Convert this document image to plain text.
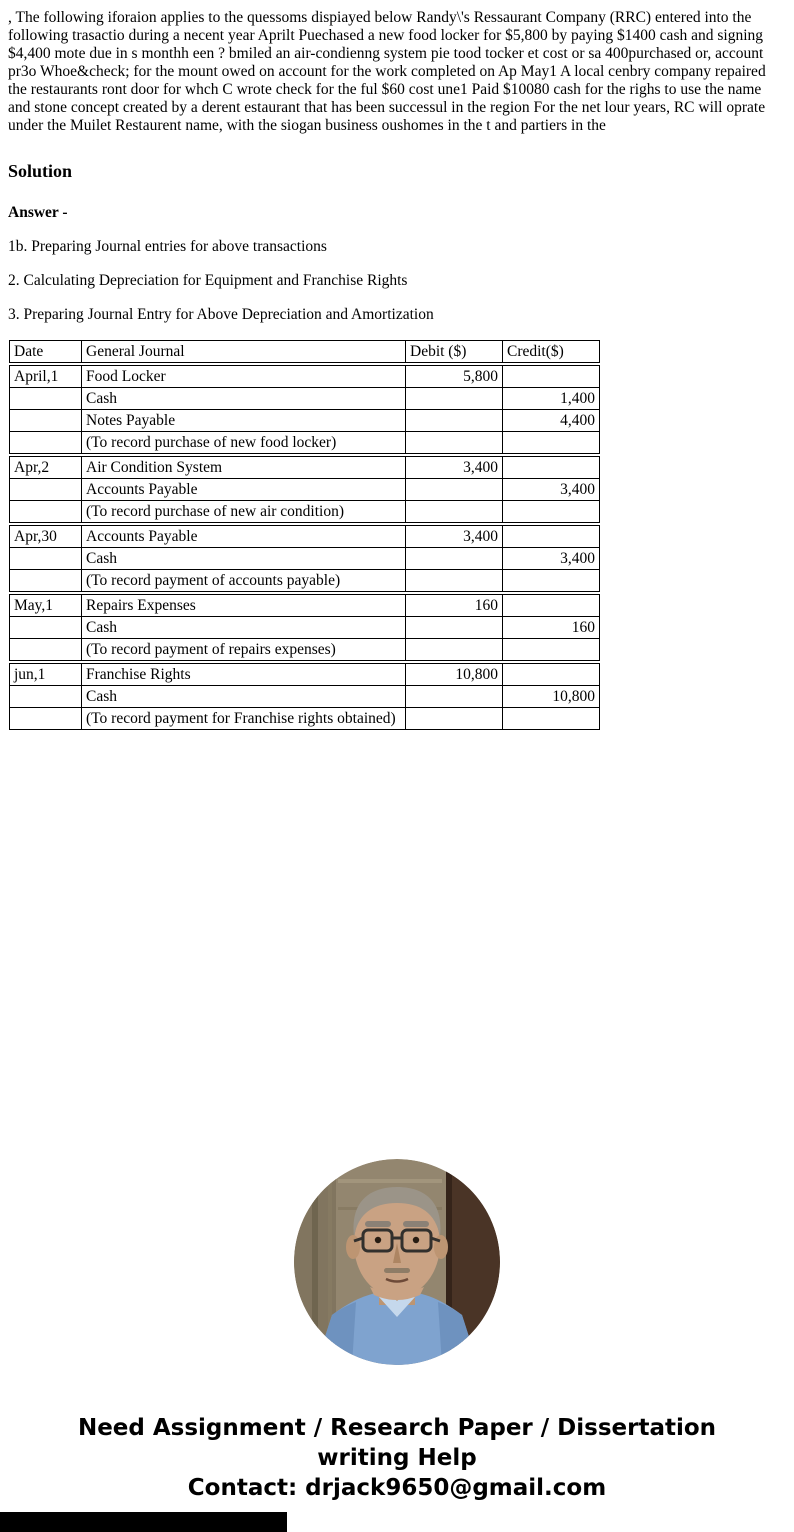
, The following iforaion applies to the quessoms dispiayed below Randy\'s Ressaurant Company (RRC) entered into the following trasactio during a necent year Aprilt Puechased a new food locker for $5,800 by paying $1400 cash and signing $4,400 mote due in s monthh een ? bmiled an air-condienng system pie tood tocker et cost or sa 400purchased or, account pr3o Whoe&check; for the mount owed on account for the work completed on Ap May1 A local cenbry company repaired the restaurants ront door for whch C wrote check for the ful $60 cost une1 Paid $10080 cash for the righs to use the name and stone concept created by a derent estaurant that has been successul in the region For the net lour years, RC will oprate under the Muilet Restaurent name, with the siogan business oushomes in the t and partiers in the

Solution
Answer -

1b. Preparing Journal entries for above transactions

2. Calculating Depreciation for Equipment and Franchise Rights

3. Preparing Journal Entry for Above Depreciation and Amortization

Date	General Journal	Debit ($)	Credit($)
April,1	Food Locker	5,800	
	Cash		1,400
	Notes Payable		4,400
	(To record purchase of new food locker)		
Apr,2	Air Condition System	3,400	
	Accounts Payable		3,400
	(To record purchase of new air condition)		
Apr,30	Accounts Payable	3,400	
	Cash		3,400
	(To record payment of accounts payable)		
May,1	Repairs Expenses	160	
	Cash		160
	(To record payment of repairs expenses)		
jun,1	Franchise Rights	10,800	
	Cash		10,800
	(To record payment for Franchise rights obtained)		
Need Assignment / Research Paper / Dissertation
writing Help
Contact: drjack9650@gmail.com
